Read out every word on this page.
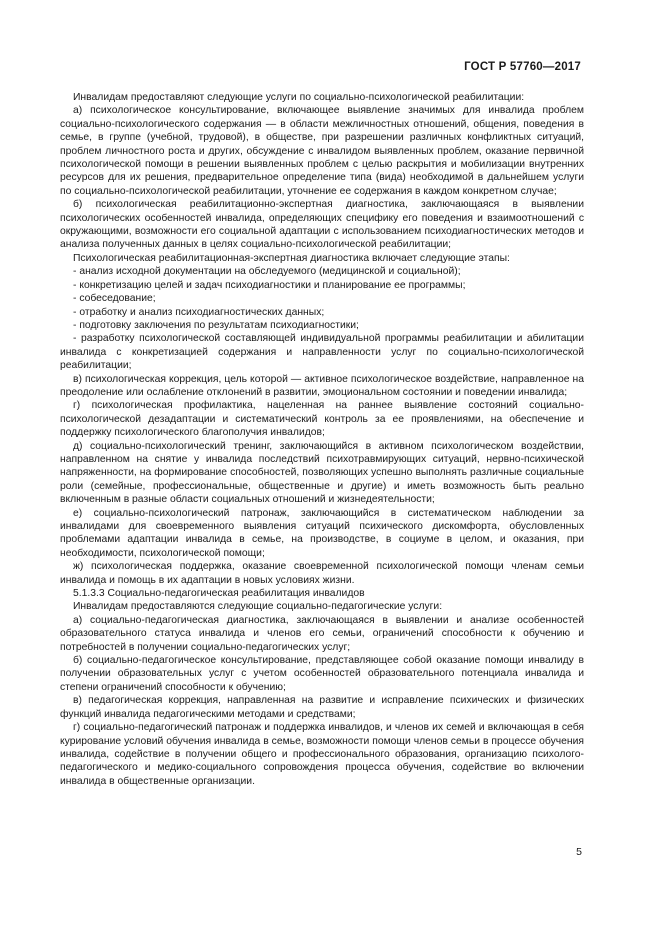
ГОСТ Р 57760—2017

Инвалидам предоставляют следующие услуги по социально-психологической реабилитации:

а) психологическое консультирование, включающее выявление значимых для инвалида проблем социально-психологического содержания — в области межличностных отношений, общения, поведения в семье, в группе (учебной, трудовой), в обществе, при разрешении различных конфликтных ситуаций, проблем личностного роста и других, обсуждение с инвалидом выявленных проблем, оказание первичной психологической помощи в решении выявленных проблем с целью раскрытия и мобилизации внутренних ресурсов для их решения, предварительное определение типа (вида) необходимой в дальнейшем услуги по социально-психологической реабилитации, уточнение ее содержания в каждом конкретном случае;

б) психологическая реабилитационно-экспертная диагностика, заключающаяся в выявлении психологических особенностей инвалида, определяющих специфику его поведения и взаимоотношений с окружающими, возможности его социальной адаптации с использованием психодиагностических методов и анализа полученных данных в целях социально-психологической реабилитации;

Психологическая реабилитационная-экспертная диагностика включает следующие этапы:

- анализ исходной документации на обследуемого (медицинской и социальной);

- конкретизацию целей и задач психодиагностики и планирование ее программы;

- собеседование;

- отработку и анализ психодиагностических данных;

- подготовку заключения по результатам психодиагностики;

- разработку психологической составляющей индивидуальной программы реабилитации и абилитации инвалида с конкретизацией содержания и направленности услуг по социально-психологической реабилитации;

в) психологическая коррекция, цель которой — активное психологическое воздействие, направленное на преодоление или ослабление отклонений в развитии, эмоциональном состоянии и поведении инвалида;

г) психологическая профилактика, нацеленная на раннее выявление состояний социально-психологической дезадаптации и систематический контроль за ее проявлениями, на обеспечение и поддержку психологического благополучия инвалидов;

д) социально-психологический тренинг, заключающийся в активном психологическом воздействии, направленном на снятие у инвалида последствий психотравмирующих ситуаций, нервно-психической напряженности, на формирование способностей, позволяющих успешно выполнять различные социальные роли (семейные, профессиональные, общественные и другие) и иметь возможность быть реально включенным в разные области социальных отношений и жизнедеятельности;

е) социально-психологический патронаж, заключающийся в систематическом наблюдении за инвалидами для своевременного выявления ситуаций психического дискомфорта, обусловленных проблемами адаптации инвалида в семье, на производстве, в социуме в целом, и оказания, при необходимости, психологической помощи;

ж) психологическая поддержка, оказание своевременной психологической помощи членам семьи инвалида и помощь в их адаптации в новых условиях жизни.

5.1.3.3 Социально-педагогическая реабилитация инвалидов

Инвалидам предоставляются следующие социально-педагогические услуги:

а) социально-педагогическая диагностика, заключающаяся в выявлении и анализе особенностей образовательного статуса инвалида и членов его семьи, ограничений способности к обучению и потребностей в получении социально-педагогических услуг;

б) социально-педагогическое консультирование, представляющее собой оказание помощи инвалиду в получении образовательных услуг с учетом особенностей образовательного потенциала инвалида и степени ограничений способности к обучению;

в) педагогическая коррекция, направленная на развитие и исправление психических и физических функций инвалида педагогическими методами и средствами;

г) социально-педагогический патронаж и поддержка инвалидов, и членов их семей и включающая в себя курирование условий обучения инвалида в семье, возможности помощи членов семьи в процессе обучения инвалида, содействие в получении общего и профессионального образования, организацию психолого-педагогического и медико-социального сопровождения процесса обучения, содействие во включении инвалида в общественные организации.

5
